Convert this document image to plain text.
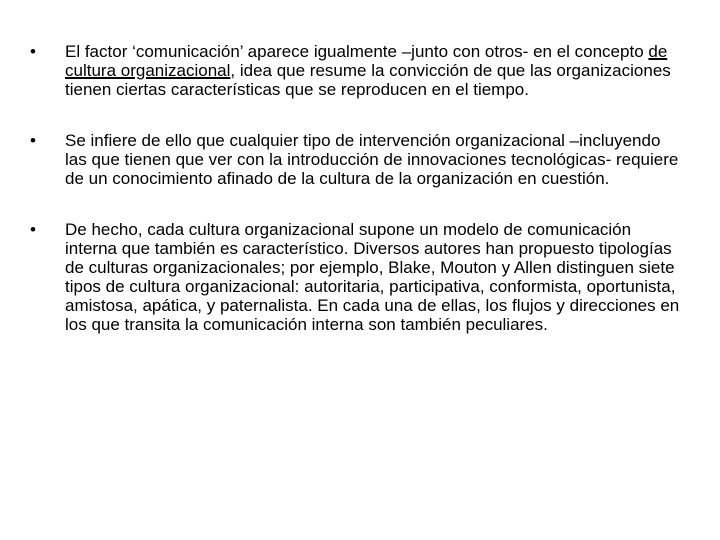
•	El factor ‘comunicación’ aparece igualmente –junto con otros- en el concepto de cultura organizacional, idea que resume la convicción de que las organizaciones tienen ciertas características que se reproducen en el tiempo.
•	Se infiere de ello que cualquier tipo de intervención organizacional –incluyendo las que tienen que ver con la introducción de innovaciones tecnológicas- requiere de un conocimiento afinado de la cultura de la organización en cuestión.
•	De hecho, cada cultura organizacional supone un modelo de comunicación interna que también es característico. Diversos autores han propuesto tipologías de culturas organizacionales; por ejemplo, Blake, Mouton y Allen distinguen siete tipos de cultura organizacional: autoritaria, participativa, conformista, oportunista, amistosa, apática, y paternalista. En cada una de ellas, los flujos y direcciones en los que transita la comunicación interna son también peculiares.
